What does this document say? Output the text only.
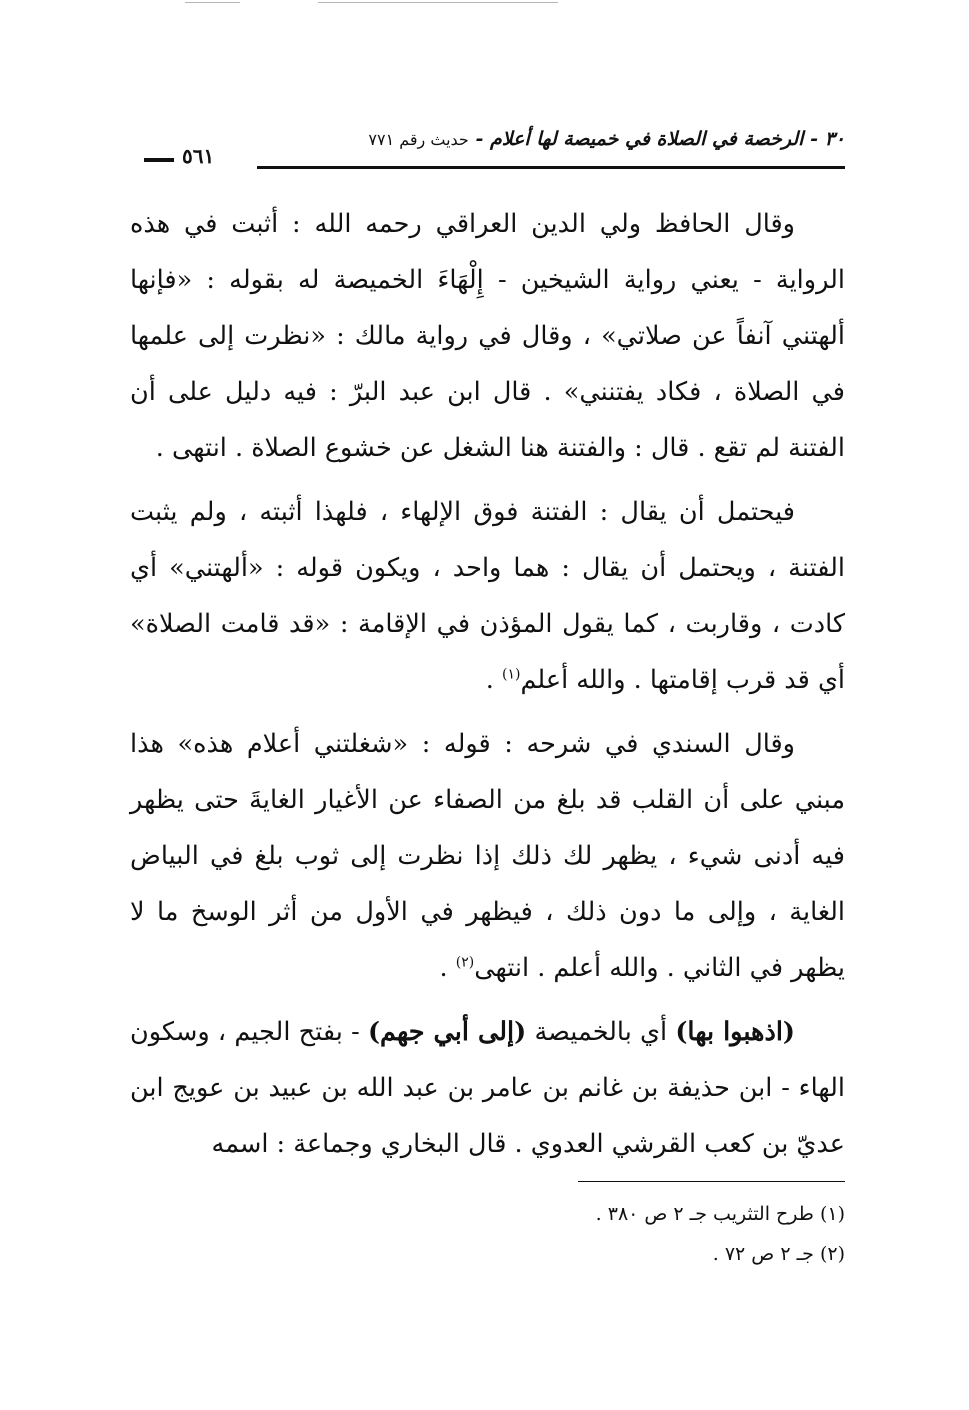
٣٠ - الرخصة في الصلاة في خميصة لها أعلام - حديث رقم ٧٧١
٥٦١

وقال الحافظ ولي الدين العراقي رحمه الله : أثبت في هذه الرواية - يعني رواية الشيخين - إِلْهَاءَ الخميصة له بقوله : «فإنها ألهتني آنفاً عن صلاتي» ، وقال في رواية مالك : «نظرت إلى علمها في الصلاة ، فكاد يفتنني» . قال ابن عبد البرّ : فيه دليل على أن الفتنة لم تقع . قال : والفتنة هنا الشغل عن خشوع الصلاة . انتهى .

فيحتمل أن يقال : الفتنة فوق الإلهاء ، فلهذا أثبته ، ولم يثبت الفتنة ، ويحتمل أن يقال : هما واحد ، ويكون قوله : «ألهتني» أي كادت ، وقاربت ، كما يقول المؤذن في الإقامة : «قد قامت الصلاة» أي قد قرب إقامتها . والله أعلم$^{(١)}$ .

وقال السندي في شرحه : قوله : «شغلتني أعلام هذه» هذا مبني على أن القلب قد بلغ من الصفاء عن الأغيار الغايةَ حتى يظهر فيه أدنى شيء ، يظهر لك ذلك إذا نظرت إلى ثوب بلغ في البياض الغاية ، وإلى ما دون ذلك ، فيظهر في الأول من أثر الوسخ ما لا يظهر في الثاني . والله أعلم . انتهى$^{(٢)}$ .

(اذهبوا بها) أي بالخميصة (إلى أبي جهم) - بفتح الجيم ، وسكون الهاء - ابن حذيفة بن غانم بن عامر بن عبد الله بن عبيد بن عويج ابن عديّ بن كعب القرشي العدوي . قال البخاري وجماعة : اسمه

(١) طرح التثريب جـ ٢ ص ٣٨٠ .
(٢) جـ ٢ ص ٧٢ .
